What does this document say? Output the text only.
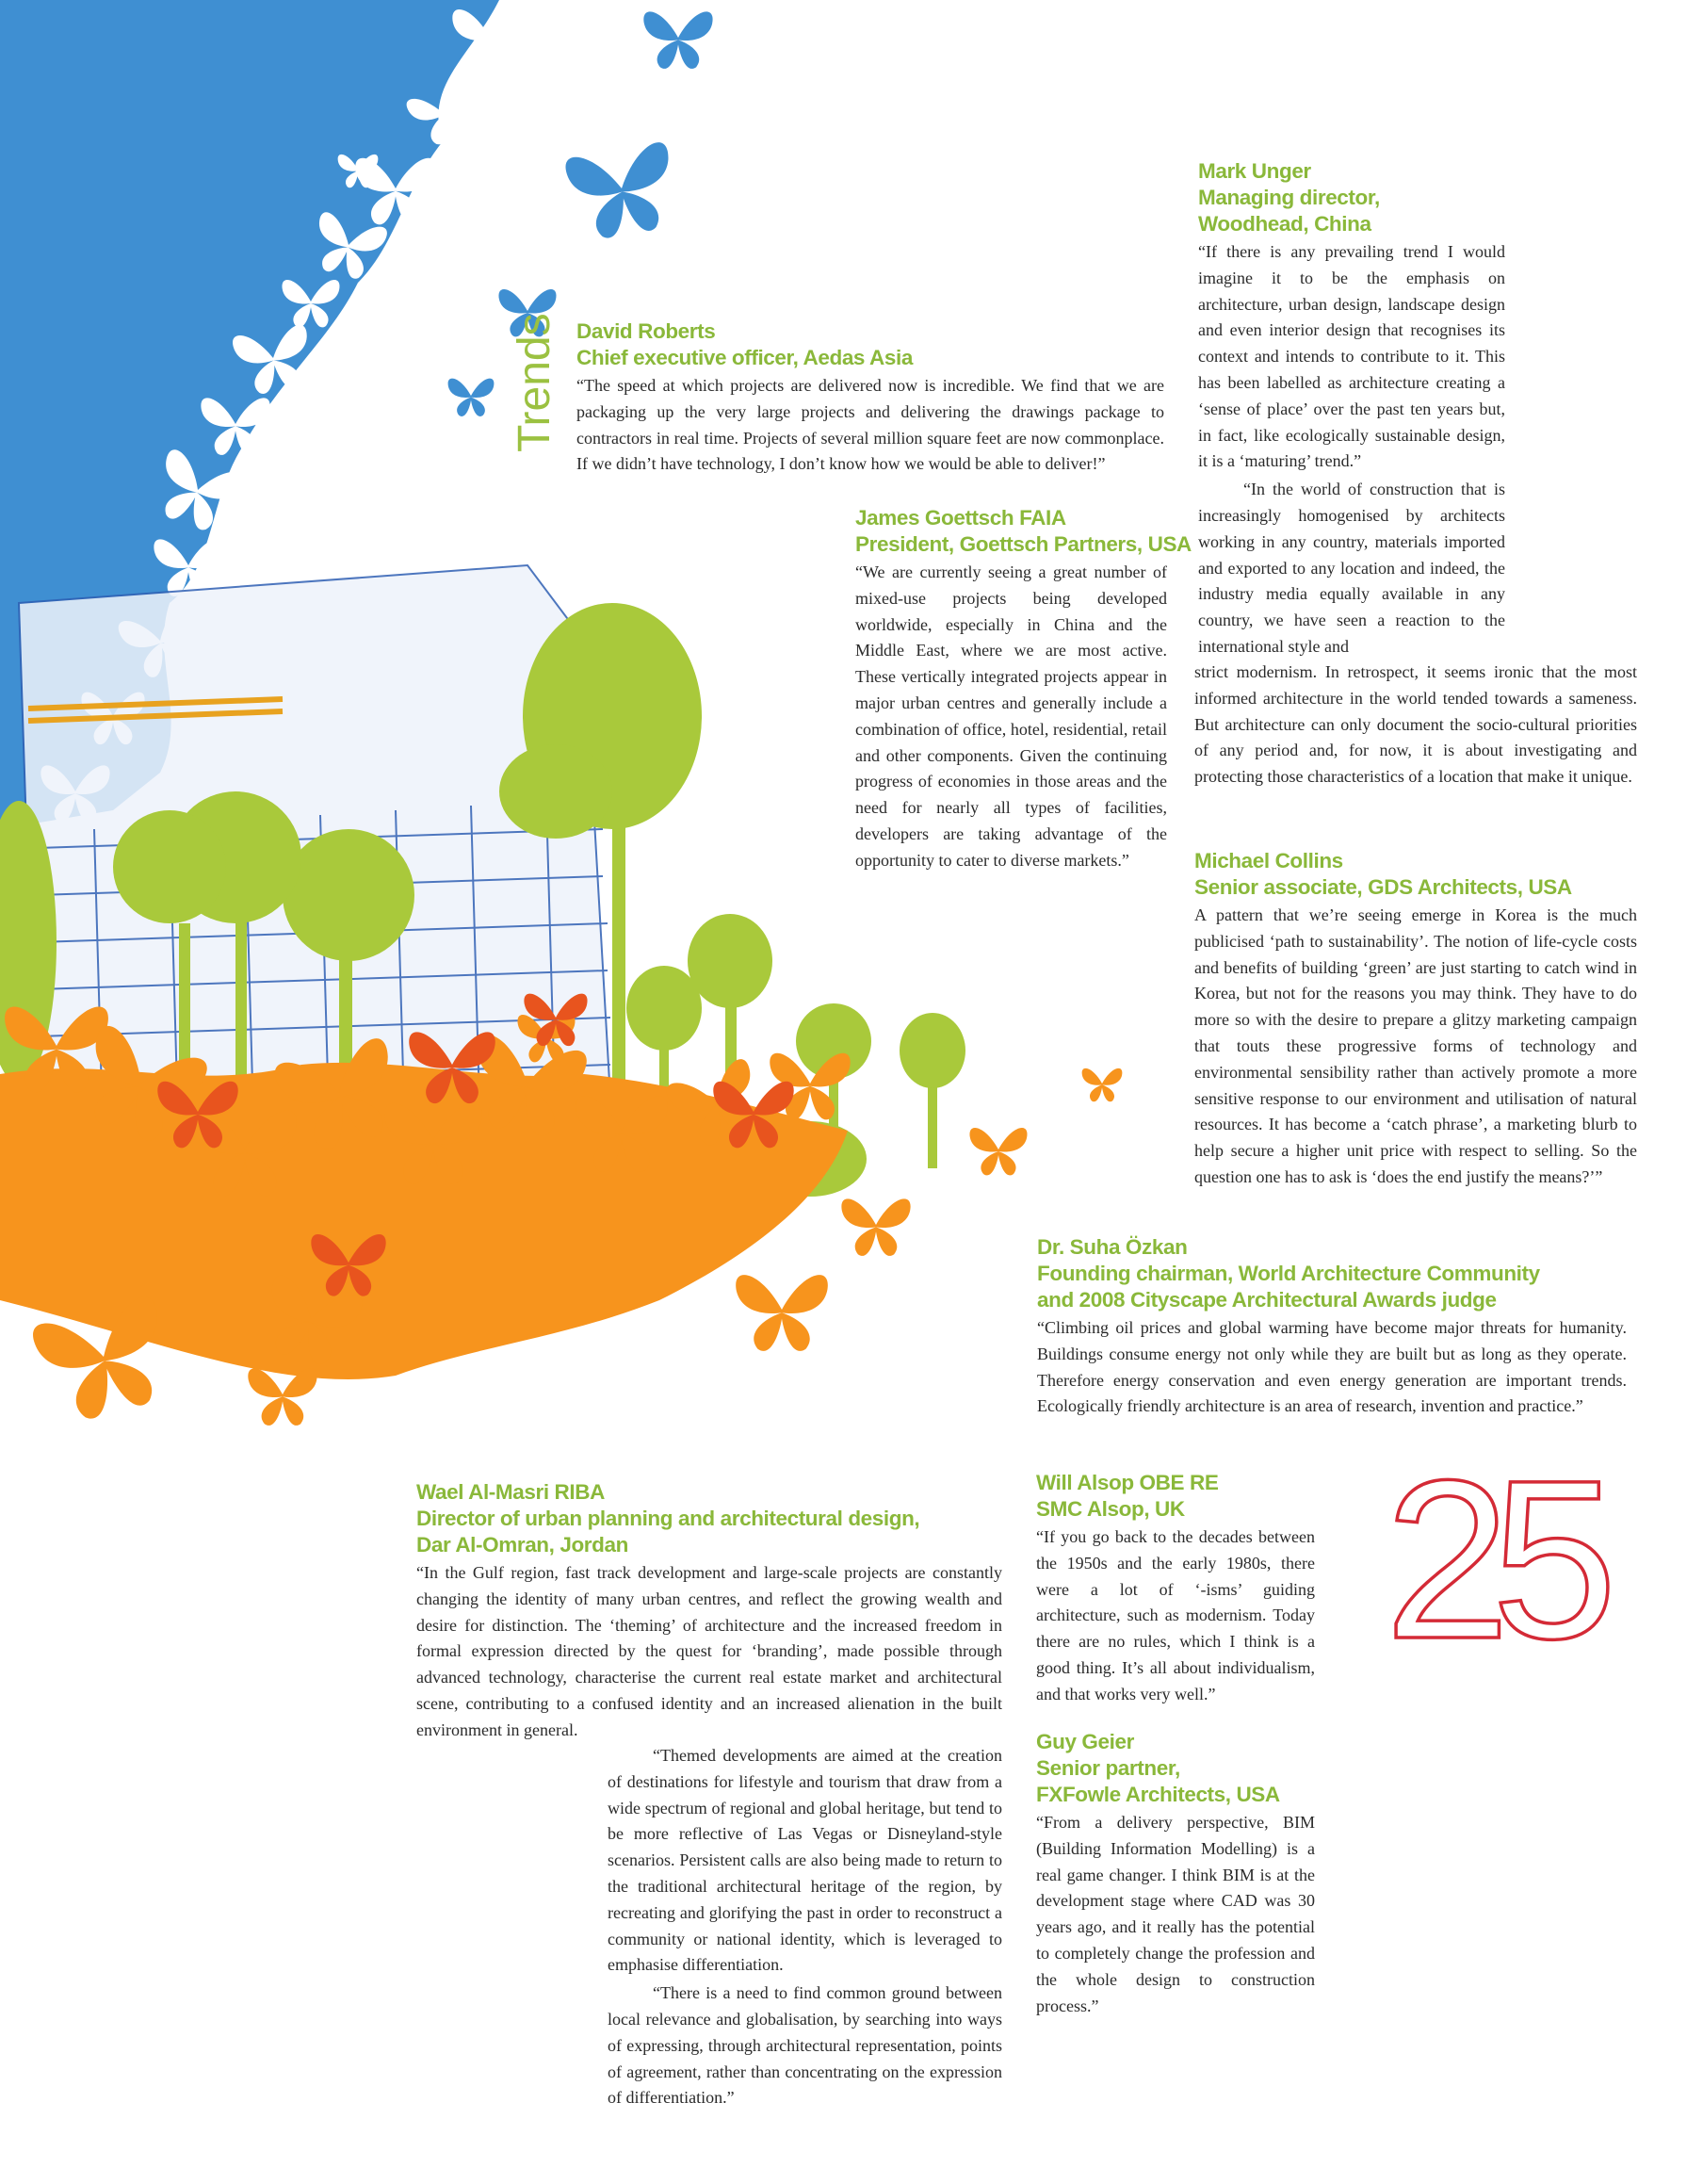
Trends
25
David Roberts
Chief executive officer, Aedas Asia

“The speed at which projects are delivered now is incredible. We find that we are packaging up the very large projects and delivering the drawings package to contractors in real time. Projects of several million square feet are now commonplace. If we didn’t have technology, I don’t know how we would be able to deliver!”

James Goettsch FAIA
President, Goettsch Partners, USA

“We are currently seeing a great number of mixed-use projects being developed worldwide, especially in China and the Middle East, where we are most active. These vertically integrated projects appear in major urban centres and generally include a combination of office, hotel, residential, retail and other components. Given the continuing progress of economies in those areas and the need for nearly all types of facilities, developers are taking advantage of the opportunity to cater to diverse markets.”

Mark Unger
Managing director,
Woodhead, China

“If there is any prevailing trend I would imagine it to be the emphasis on architecture, urban design, landscape design and even interior design that recognises its context and intends to contribute to it. This has been labelled as architecture creating a ‘sense of place’ over the past ten years but, in fact, like ecologically sustainable design, it is a ‘maturing’ trend.”

“In the world of construction that is increasingly homogenised by architects working in any country, materials imported and exported to any location and indeed, the industry media equally available in any country, we have seen a reaction to the international style and

strict modernism. In retrospect, it seems ironic that the most informed architecture in the world tended towards a sameness. But architecture can only document the socio-cultural priorities of any period and, for now, it is about investigating and protecting those characteristics of a location that make it unique.

Michael Collins
Senior associate, GDS Architects, USA

A pattern that we’re seeing emerge in Korea is the much publicised ‘path to sustainability’. The notion of life-cycle costs and benefits of building ‘green’ are just starting to catch wind in Korea, but not for the reasons you may think. They have to do more so with the desire to prepare a glitzy marketing campaign that touts these progressive forms of technology and environmental sensibility rather than actively promote a more sensitive response to our environment and utilisation of natural resources. It has become a ‘catch phrase’, a marketing blurb to help secure a higher unit price with respect to selling. So the question one has to ask is ‘does the end justify the means?’”

Dr. Suha Özkan
Founding chairman, World Architecture Community
and 2008 Cityscape Architectural Awards judge

“Climbing oil prices and global warming have become major threats for humanity. Buildings consume energy not only while they are built but as long as they operate. Therefore energy conservation and even energy generation are important trends. Ecologically friendly architecture is an area of research, invention and practice.”

Wael Al-Masri RIBA
Director of urban planning and architectural design,
Dar Al-Omran, Jordan

“In the Gulf region, fast track development and large-scale projects are constantly changing the identity of many urban centres, and reflect the growing wealth and desire for distinction. The ‘theming’ of architecture and the increased freedom in formal expression directed by the quest for ‘branding’, made possible through advanced technology, characterise the current real estate market and architectural scene, contributing to a confused identity and an increased alienation in the built environment in general.

“Themed developments are aimed at the creation of destinations for lifestyle and tourism that draw from a wide spectrum of regional and global heritage, but tend to be more reflective of Las Vegas or Disneyland-style scenarios. Persistent calls are also being made to return to the traditional architectural heritage of the region, by recreating and glorifying the past in order to reconstruct a community or national identity, which is leveraged to emphasise differentiation.

“There is a need to find common ground between local relevance and globalisation, by searching into ways of expressing, through architectural representation, points of agreement, rather than concentrating on the expression of differentiation.”

Will Alsop OBE RE
SMC Alsop, UK

“If you go back to the decades between the 1950s and the early 1980s, there were a lot of ‘-isms’ guiding architecture, such as modernism. Today there are no rules, which I think is a good thing. It’s all about individualism, and that works very well.”

Guy Geier
Senior partner,
FXFowle Architects, USA

“From a delivery perspective, BIM (Building Information Modelling) is a real game changer. I think BIM is at the development stage where CAD was 30 years ago, and it really has the potential to completely change the profession and the whole design to construction process.”
